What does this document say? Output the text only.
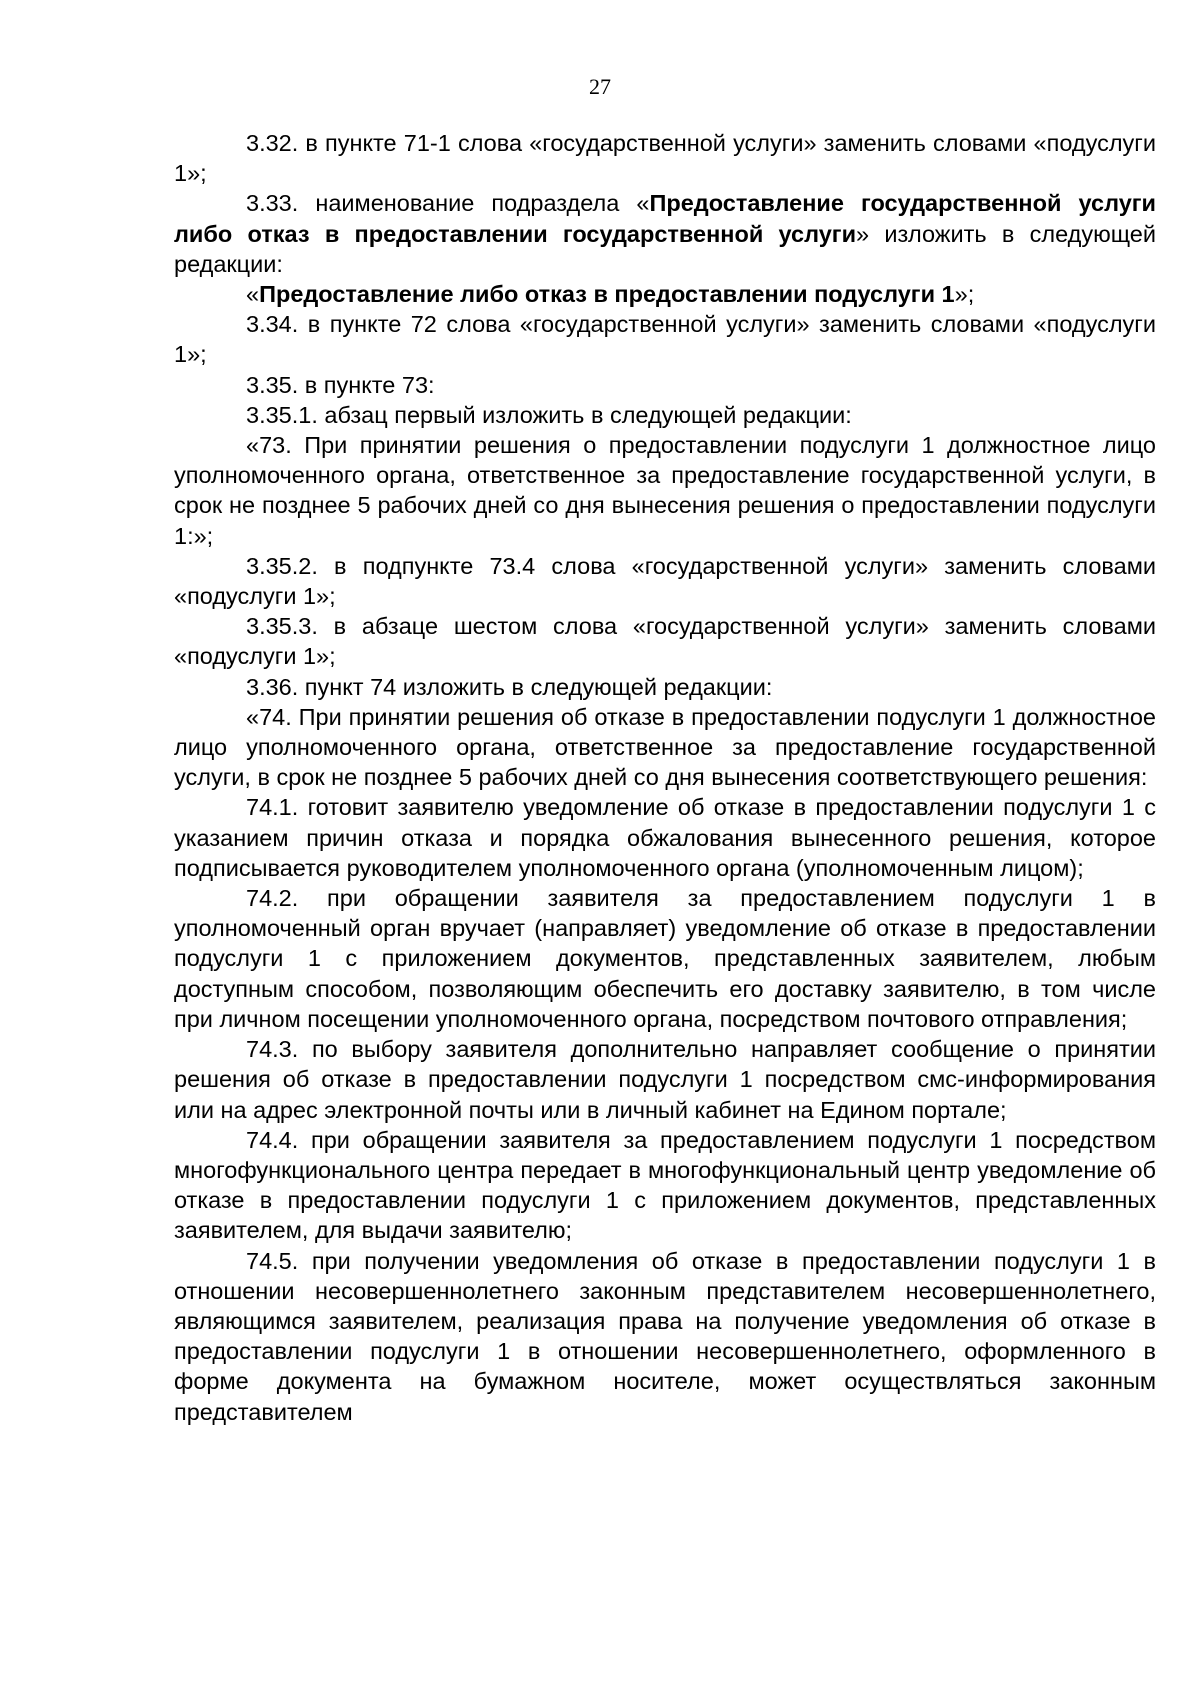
27

3.32. в пункте 71-1 слова «государственной услуги» заменить словами «подуслуги 1»;

3.33. наименование подраздела «Предоставление государственной услуги либо отказ в предоставлении государственной услуги» изложить в следующей редакции:

«Предоставление либо отказ в предоставлении подуслуги 1»;

3.34. в пункте 72 слова «государственной услуги» заменить словами «подуслуги 1»;

3.35. в пункте 73:

3.35.1. абзац первый изложить в следующей редакции:

«73. При принятии решения о предоставлении подуслуги 1 должностное лицо уполномоченного органа, ответственное за предоставление государственной услуги, в срок не позднее 5 рабочих дней со дня вынесения решения о предоставлении подуслуги 1:»;

3.35.2. в подпункте 73.4 слова «государственной услуги» заменить словами «подуслуги 1»;

3.35.3. в абзаце шестом слова «государственной услуги» заменить словами «подуслуги 1»;

3.36. пункт 74 изложить в следующей редакции:

«74. При принятии решения об отказе в предоставлении подуслуги 1 должностное лицо уполномоченного органа, ответственное за предоставление государственной услуги, в срок не позднее 5 рабочих дней со дня вынесения соответствующего решения:

74.1. готовит заявителю уведомление об отказе в предоставлении подуслуги 1 с указанием причин отказа и порядка обжалования вынесенного решения, которое подписывается руководителем уполномоченного органа (уполномоченным лицом);

74.2. при обращении заявителя за предоставлением подуслуги 1 в уполномоченный орган вручает (направляет) уведомление об отказе в предоставлении подуслуги 1 с приложением документов, представленных заявителем, любым доступным способом, позволяющим обеспечить его доставку заявителю, в том числе при личном посещении уполномоченного органа, посредством почтового отправления;

74.3. по выбору заявителя дополнительно направляет сообщение о принятии решения об отказе в предоставлении подуслуги 1 посредством смс-информирования или на адрес электронной почты или в личный кабинет на Едином портале;

74.4. при обращении заявителя за предоставлением подуслуги 1 посредством многофункционального центра передает в многофункциональный центр уведомление об отказе в предоставлении подуслуги 1 с приложением документов, представленных заявителем, для выдачи заявителю;

74.5. при получении уведомления об отказе в предоставлении подуслуги 1 в отношении несовершеннолетнего законным представителем несовершеннолетнего, являющимся заявителем, реализация права на получение уведомления об отказе в предоставлении подуслуги 1 в отношении несовершеннолетнего, оформленного в форме документа на бумажном носителе, может осуществляться законным представителем
